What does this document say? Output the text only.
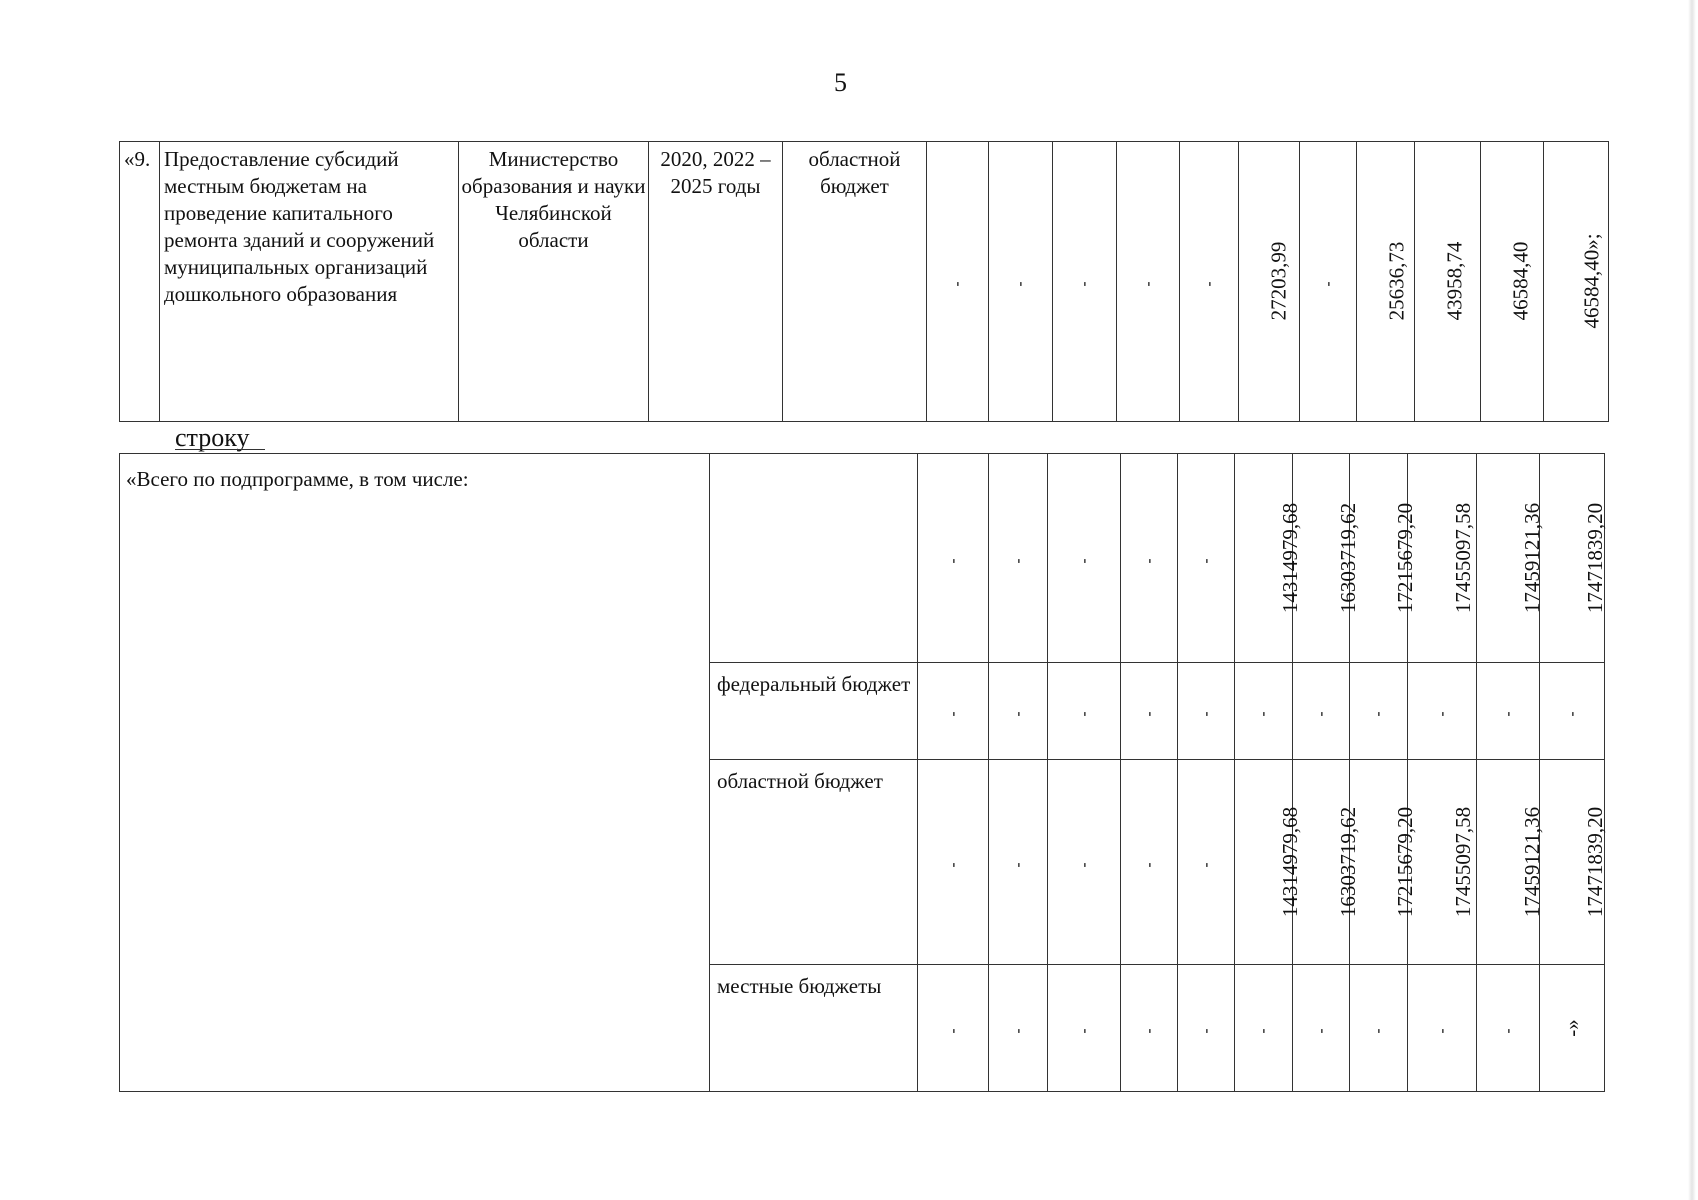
5
«9.	Предоставление субсидий местным бюджетам на проведение капитального ремонта зданий и сооружений муниципальных организаций дошкольного образования	Министерство образования и науки Челябинской области	2020, 2022 – 2025 годы	областной бюджет	-	-	-	-	-	27203,99	-	25636,73	43958,74	46584,40	46584,40»;
строку
«Всего по подпрограмме, в том числе:		-	-	-	-	-	14314979,68	16303719,62	17215679,20	17455097,58	17459121,36	17471839,20
	федеральный бюджет	-	-	-	-	-	-	-	-	-	-	-
	областной бюджет	-	-	-	-	-	14314979,68	16303719,62	17215679,20	17455097,58	17459121,36	17471839,20
	местные бюджеты	-	-	-	-	-	-	-	-	-	-	-»
